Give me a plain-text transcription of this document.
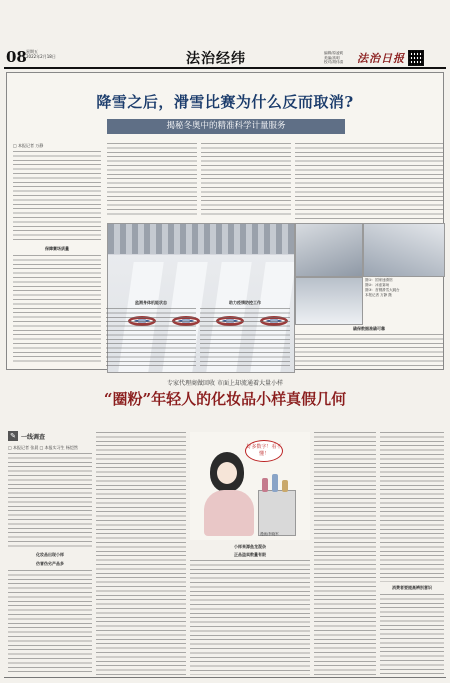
08 星期五
2022年2月18日	法治经纬	编辑/原凌莉
美编/高明
校对/胡伟清	法治日报
降雪之后，滑雪比赛为什么反而取消?
揭秘冬奥中的精准科学计量服务
□ 本报记者 万静
保障赛场质量
图①：国家速滑馆
图②：冰壶赛场
图③：首钢滑雪大跳台
本报记者 万静 摄
确保数据准确可靠
监测身体机能状态	助力疫情防控工作
专家代理商做回收 市面上却流通着大量小样
“圈粉”年轻人的化妆品小样真假几何
✎ 一线调查
□ 本报记者 张晨 □ 本报实习生 杨恺然
化妆品出现小样
仿冒伪劣产品多
好多数字！看不懂！
漫画/李晓军
小样来源鱼龙混杂
正品盗卖数量有限
消费者要提高辨别意识
